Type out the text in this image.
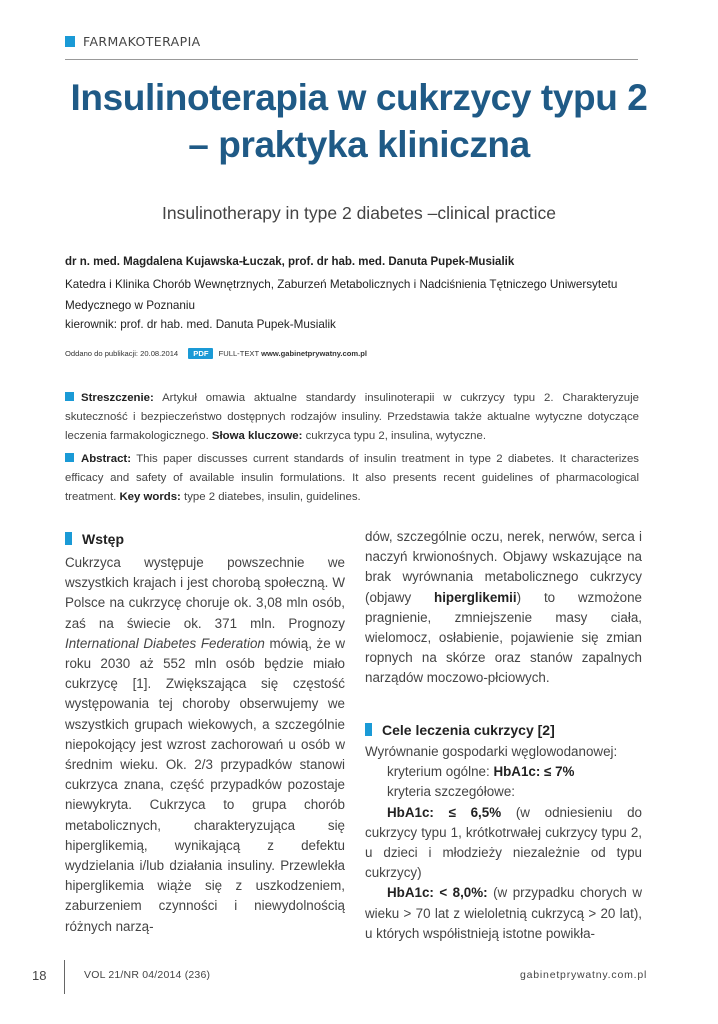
FARMAKOTERAPIA
Insulinoterapia w cukrzycy typu 2
– praktyka kliniczna
Insulinotherapy in type 2 diabetes –clinical practice
dr n. med. Magdalena Kujawska-Łuczak, prof. dr hab. med. Danuta Pupek-Musialik
Katedra i Klinika Chorób Wewnętrznych, Zaburzeń Metabolicznych i Nadciśnienia Tętniczego Uniwersytetu Medycznego w Poznaniu
kierownik: prof. dr hab. med. Danuta Pupek-Musialik
Oddano do publikacji: 20.08.2014 PDF FULL-TEXT www.gabinetprywatny.com.pl
Streszczenie: Artykuł omawia aktualne standardy insulinoterapii w cukrzycy typu 2. Charakteryzuje skuteczność i bezpieczeństwo dostępnych rodzajów insuliny. Przedstawia także aktualne wytyczne dotyczące leczenia farmakologicznego. Słowa kluczowe: cukrzyca typu 2, insulina, wytyczne.
Abstract: This paper discusses current standards of insulin treatment in type 2 diabetes. It characterizes efficacy and safety of available insulin formulations. It also presents recent guidelines of pharmacological treatment. Key words: type 2 diatebes, insulin, guidelines.
Wstęp
Cukrzyca występuje powszechnie we wszystkich krajach i jest chorobą społeczną. W Polsce na cukrzycę choruje ok. 3,08 mln osób, zaś na świecie ok. 371 mln. Prognozy International Diabetes Federation mówią, że w roku 2030 aż 552 mln osób będzie miało cukrzycę [1]. Zwiększająca się częstość występowania tej choroby obserwujemy we wszystkich grupach wiekowych, a szczególnie niepokojący jest wzrost zachorowań u osób w średnim wieku. Ok. 2/3 przypadków stanowi cukrzyca znana, część przypadków pozostaje niewykryta. Cukrzyca to grupa chorób metabolicznych, charakteryzująca się hiperglikemią, wynikającą z defektu wydzielania i/lub działania insuliny. Przewlekła hiperglikemia wiąże się z uszkodzeniem, zaburzeniem czynności i niewydolnością różnych narzą-
dów, szczególnie oczu, nerek, nerwów, serca i naczyń krwionośnych. Objawy wskazujące na brak wyrównania metabolicznego cukrzycy (objawy hiperglikemii) to wzmożone pragnienie, zmniejszenie masy ciała, wielomocz, osłabienie, pojawienie się zmian ropnych na skórze oraz stanów zapalnych narządów moczowo-płciowych.
Cele leczenia cukrzycy [2]
Wyrównanie gospodarki węglowodanowej:
kryterium ogólne: HbA1c: ≤ 7%
kryteria szczegółowe:
HbA1c: ≤ 6,5% (w odniesieniu do cukrzycy typu 1, krótkotrwałej cukrzycy typu 2, u dzieci i młodzieży niezależnie od typu cukrzycy)
HbA1c: < 8,0%: (w przypadku chorych w wieku > 70 lat z wieloletnią cukrzycą > 20 lat), u których współistnieją istotne powikła-
18	VOL 21/NR 04/2014 (236)	gabinetprywatny.com.pl
